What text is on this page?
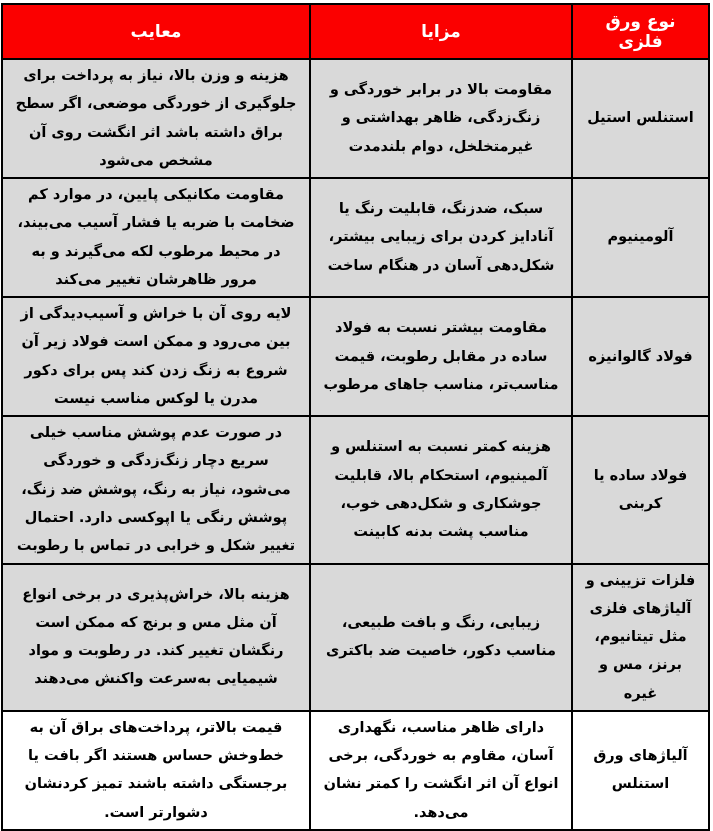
نوع ورق فلزی	مزایا	معایب
استنلس استیل	مقاومت بالا در برابر خوردگی و زنگ‌زدگی، ظاهر بهداشتی و غیرمتخلخل، دوام بلندمدت	هزینه و وزن بالا، نیاز به پرداخت برای جلوگیری از خوردگی موضعی، اگر سطح براق داشته باشد اثر انگشت روی آن مشخص می‌شود
آلومینیوم	سبک، ضدزنگ، قابلیت رنگ یا آنادایز کردن برای زیبایی بیشتر، شکل‌دهی آسان در هنگام ساخت	مقاومت مکانیکی پایین، در موارد کم ضخامت با ضربه یا فشار آسیب می‌بیند، در محیط مرطوب لکه می‌گیرند و به مرور ظاهرشان تغییر می‌کند
فولاد گالوانیزه	مقاومت بیشتر نسبت به فولاد ساده در مقابل رطوبت، قیمت مناسب‌تر، مناسب جاهای مرطوب	لایه روی آن با خراش و آسیب‌دیدگی از بین می‌رود و ممکن است فولاد زیر آن شروع به زنگ زدن کند پس برای دکور مدرن یا لوکس مناسب نیست
فولاد ساده یا کربنی	هزینه کمتر نسبت به استنلس و آلمینیوم، استحکام بالا، قابلیت جوشکاری و شکل‌دهی خوب، مناسب پشت بدنه کابینت	در صورت عدم پوشش مناسب خیلی سریع دچار زنگ‌زدگی و خوردگی می‌شود، نیاز به رنگ، پوشش ضد زنگ، پوشش رنگی یا اپوکسی دارد. احتمال تغییر شکل و خرابی در تماس با رطوبت
فلزات تزیینی و آلیاژهای فلزی مثل تیتانیوم، برنز، مس و غیره	زیبایی، رنگ و بافت طبیعی، مناسب دکور، خاصیت ضد باکتری	هزینه بالا، خراش‌پذیری در برخی انواع آن مثل مس و برنج که ممکن است رنگشان تغییر کند. در رطوبت و مواد شیمیایی به‌سرعت واکنش می‌دهند
آلیاژهای ورق استنلس	دارای ظاهر مناسب، نگهداری آسان، مقاوم به خوردگی، برخی انواع آن اثر انگشت را کمتر نشان می‌دهد.	قیمت بالاتر، پرداخت‌های براق آن به خط‌وخش حساس هستند اگر بافت یا برجستگی داشته باشند تمیز کردنشان دشوارتر است.
